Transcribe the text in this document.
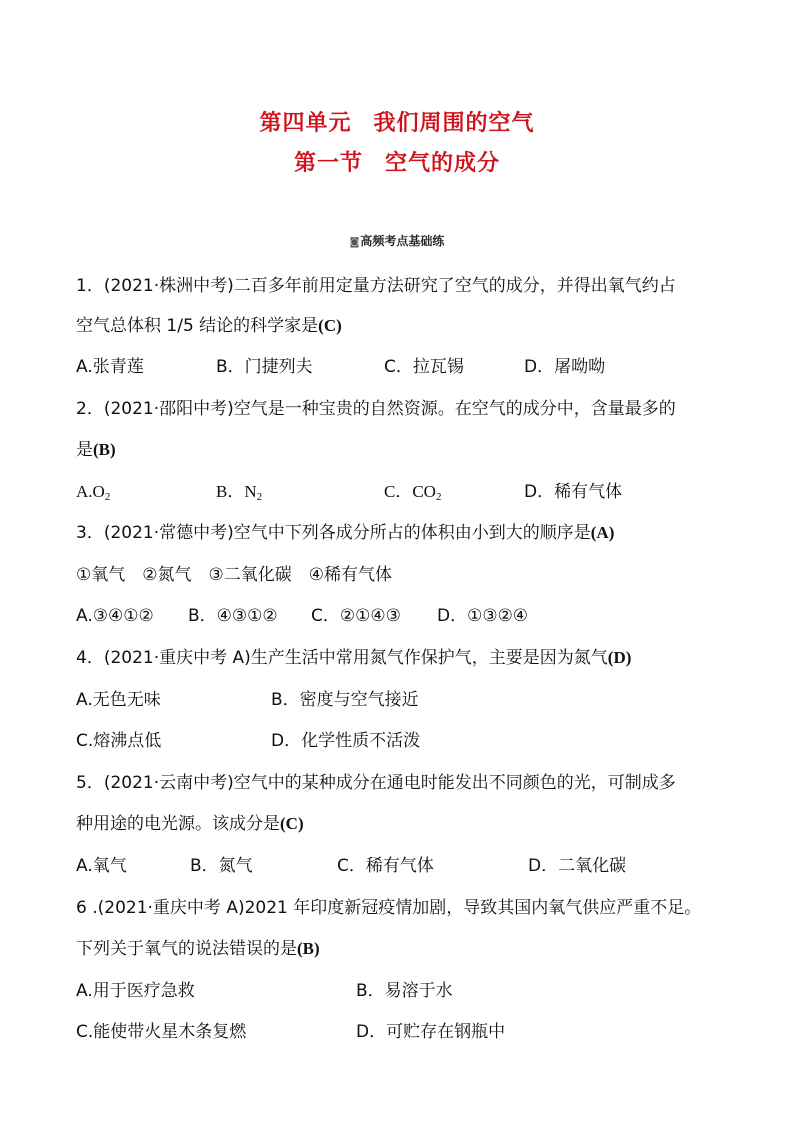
第四单元 我们周围的空气
第一节 空气的成分
◙高频考点基础练
1．(2021·株洲中考)二百多年前用定量方法研究了空气的成分，并得出氧气约占
空气总体积 1/5 结论的科学家是(C)
A.张青莲	B．门捷列夫	C．拉瓦锡	D．屠呦呦
2．(2021·邵阳中考)空气是一种宝贵的自然资源。在空气的成分中，含量最多的
是(B)
$A.O_2$	B．$N_2$	C．$CO_2$	D．稀有气体
3．(2021·常德中考)空气中下列各成分所占的体积由小到大的顺序是(A)
①氧气　②氮气　③二氧化碳　④稀有气体
A.③④①② B．④③①② C．②①④③ D．①③②④
4．(2021·重庆中考 A)生产生活中常用氮气作保护气，主要是因为氮气(D)
A.无色无味	B．密度与空气接近
C.熔沸点低	D．化学性质不活泼
5．(2021·云南中考)空气中的某种成分在通电时能发出不同颜色的光，可制成多
种用途的电光源。该成分是(C)
A.氧气	B．氮气	C．稀有气体	D．二氧化碳
6 .(2021·重庆中考 A)2021 年印度新冠疫情加剧，导致其国内氧气供应严重不足。
下列关于氧气的说法错误的是(B)
A.用于医疗急救	B．易溶于水
C.能使带火星木条复燃	D．可贮存在钢瓶中
